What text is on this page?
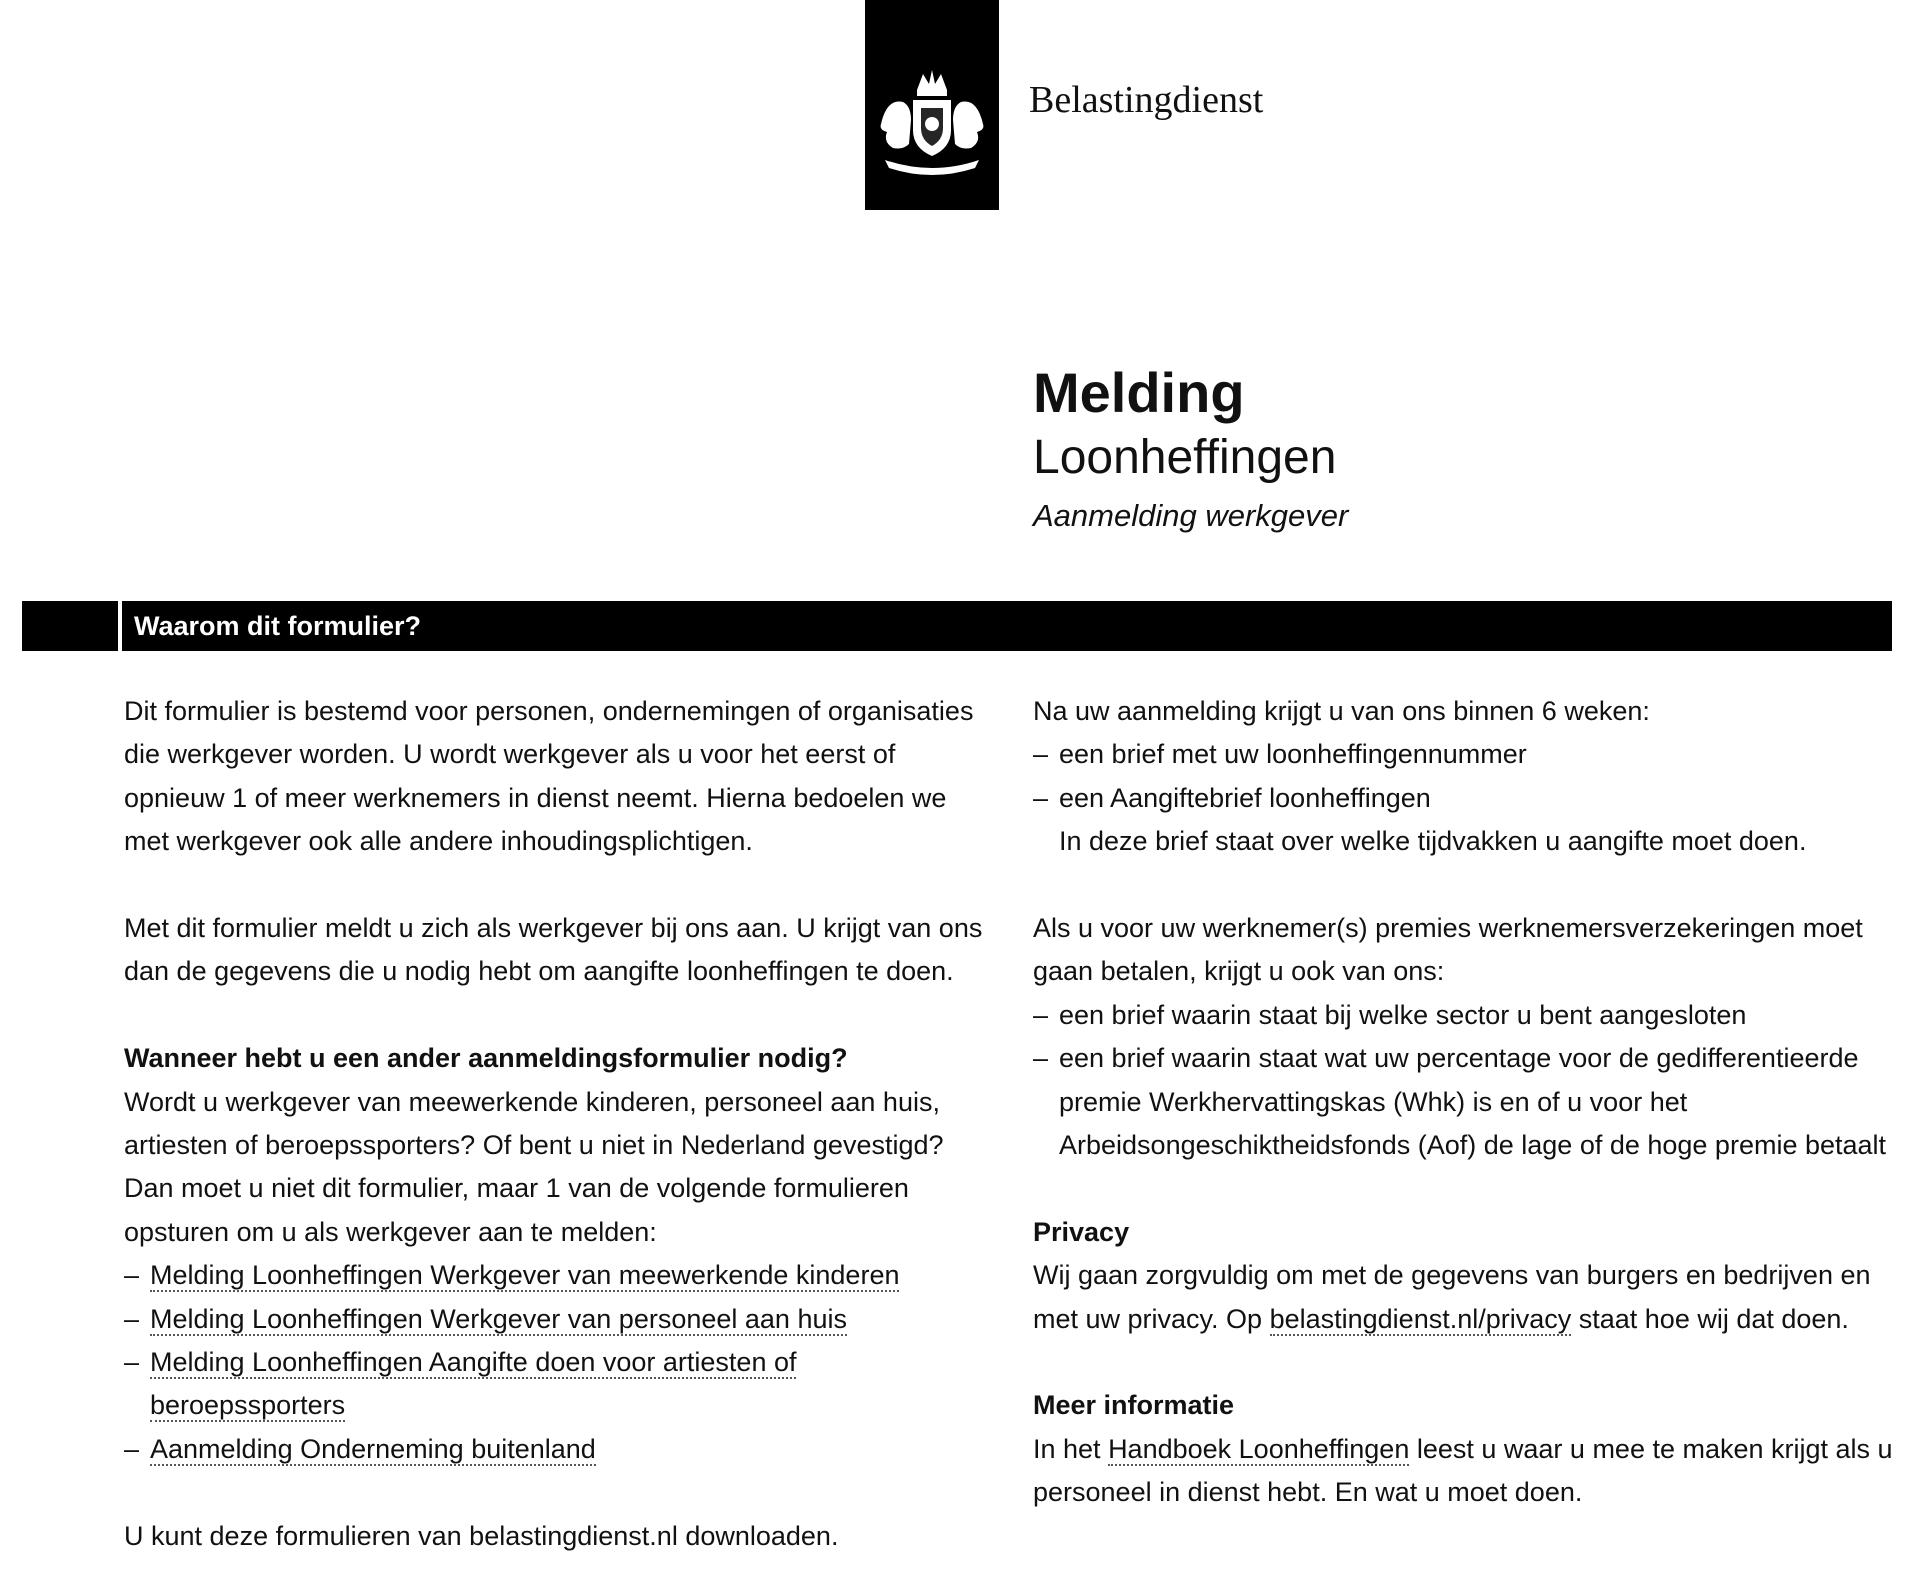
Belastingdienst
Melding
Loonheffingen
Aanmelding werkgever
Waarom dit formulier?

Dit formulier is bestemd voor personen, ondernemingen of organisaties die werkgever worden. U wordt werkgever als u voor het eerst of opnieuw 1 of meer werknemers in dienst neemt. Hierna bedoelen we met werkgever ook alle andere inhoudingsplichtigen.

Met dit formulier meldt u zich als werkgever bij ons aan. U krijgt van ons dan de gegevens die u nodig hebt om aangifte loonheffingen te doen.

Wanneer hebt u een ander aanmeldingsformulier nodig?

Wordt u werkgever van meewerkende kinderen, personeel aan huis, artiesten of beroepssporters? Of bent u niet in Nederland gevestigd? Dan moet u niet dit formulier, maar 1 van de volgende formulieren opsturen om u als werkgever aan te melden:

– Melding Loonheffingen Werkgever van meewerkende kinderen
– Melding Loonheffingen Werkgever van personeel aan huis
– Melding Loonheffingen Aangifte doen voor artiesten of beroepssporters
– Aanmelding Onderneming buitenland

U kunt deze formulieren van belastingdienst.nl downloaden.

Na uw aanmelding krijgt u van ons binnen 6 weken:

– een brief met uw loonheffingennummer
– een Aangiftebrief loonheffingen
In deze brief staat over welke tijdvakken u aangifte moet doen.

Als u voor uw werknemer(s) premies werknemersverzekeringen moet gaan betalen, krijgt u ook van ons:

– een brief waarin staat bij welke sector u bent aangesloten
– een brief waarin staat wat uw percentage voor de gedifferentieerde premie Werkhervattingskas (Whk) is en of u voor het Arbeidsongeschiktheidsfonds (Aof) de lage of de hoge premie betaalt

Privacy

Wij gaan zorgvuldig om met de gegevens van burgers en bedrijven en met uw privacy. Op belastingdienst.nl/privacy staat hoe wij dat doen.

Meer informatie

In het Handboek Loonheffingen leest u waar u mee te maken krijgt als u personeel in dienst hebt. En wat u moet doen.
